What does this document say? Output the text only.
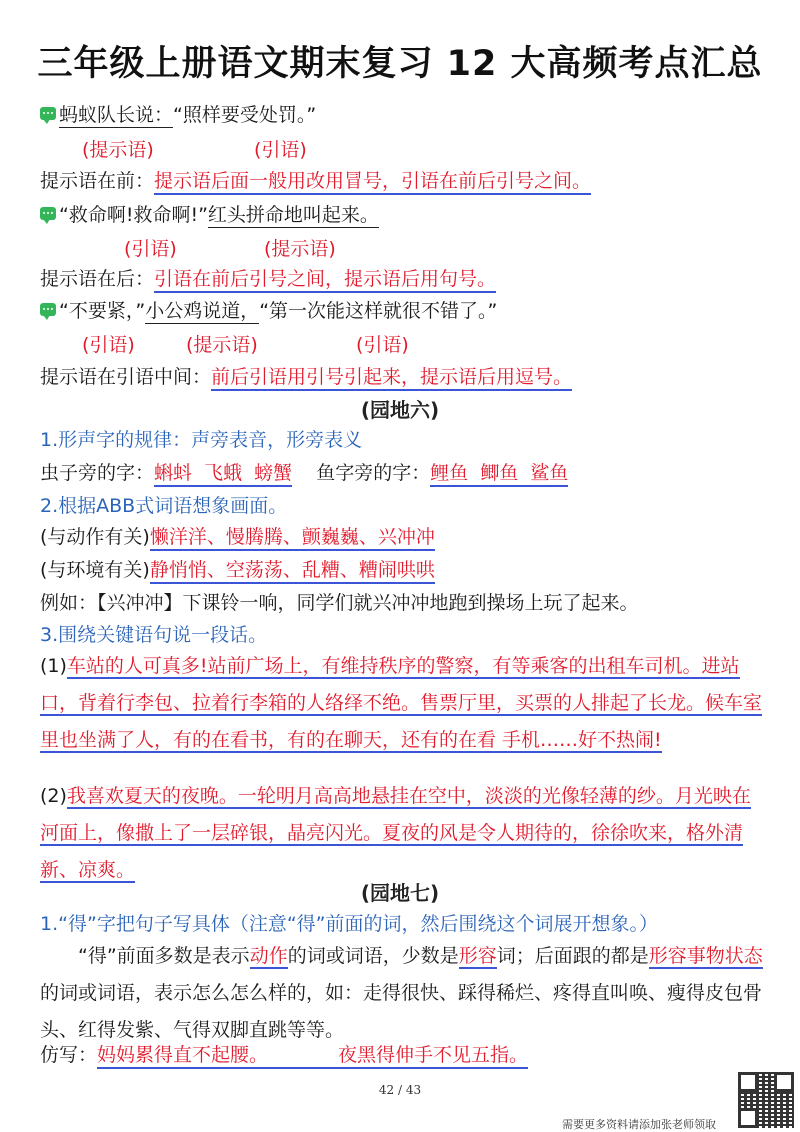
三年级上册语文期末复习 12 大高频考点汇总
蚂蚁队长说：“照样要受处罚。”
(提示语)	(引语)
提示语在前：提示语后面一般用改用冒号，引语在前后引号之间。
“救命啊!救命啊!”红头拼命地叫起来。
(引语)	(提示语)
提示语在后：引语在前后引号之间，提示语后用句号。
“不要紧，”小公鸡说道，“第一次能这样就很不错了。”
(引语)	(提示语)	(引语)
提示语在引语中间：前后引语用引号引起来，提示语后用逗号。
(园地六)
1.形声字的规律：声旁表音，形旁表义
虫子旁的字：蝌蚪  飞蛾  螃蟹 鱼字旁的字：鲤鱼  鲫鱼  鲨鱼
2.根据ABB式词语想象画面。
(与动作有关)懒洋洋、慢腾腾、颤巍巍、兴冲冲
(与环境有关)静悄悄、空荡荡、乱糟、糟闹哄哄
例如：【兴冲冲】下课铃一响，同学们就兴冲冲地跑到操场上玩了起来。
3.围绕关键语句说一段话。
(1)车站的人可真多!站前广场上，有维持秩序的警察，有等乘客的出租车司机。进站口，背着行李包、拉着行李箱的人络绎不绝。售票厅里，买票的人排起了长龙。候车室里也坐满了人，有的在看书，有的在聊天，还有的在看 手机……好不热闹!
(2)我喜欢夏天的夜晚。一轮明月高高地悬挂在空中，淡淡的光像轻薄的纱。月光映在河面上，像撒上了一层碎银，晶亮闪光。夏夜的风是令人期待的，徐徐吹来，格外清新、凉爽。
(园地七)
1.“得”字把句子写具体（注意“得”前面的词，然后围绕这个词展开想象。）
“得”前面多数是表示动作的词或词语，少数是形容词；后面跟的都是形容事物状态的词或词语，表示怎么怎么样的，如：走得很快、踩得稀烂、疼得直叫唤、瘦得皮包骨头、红得发紫、气得双脚直跳等等。
仿写：妈妈累得直不起腰。	夜黑得伸手不见五指。
42 / 43
需要更多资料请添加张老师领取
